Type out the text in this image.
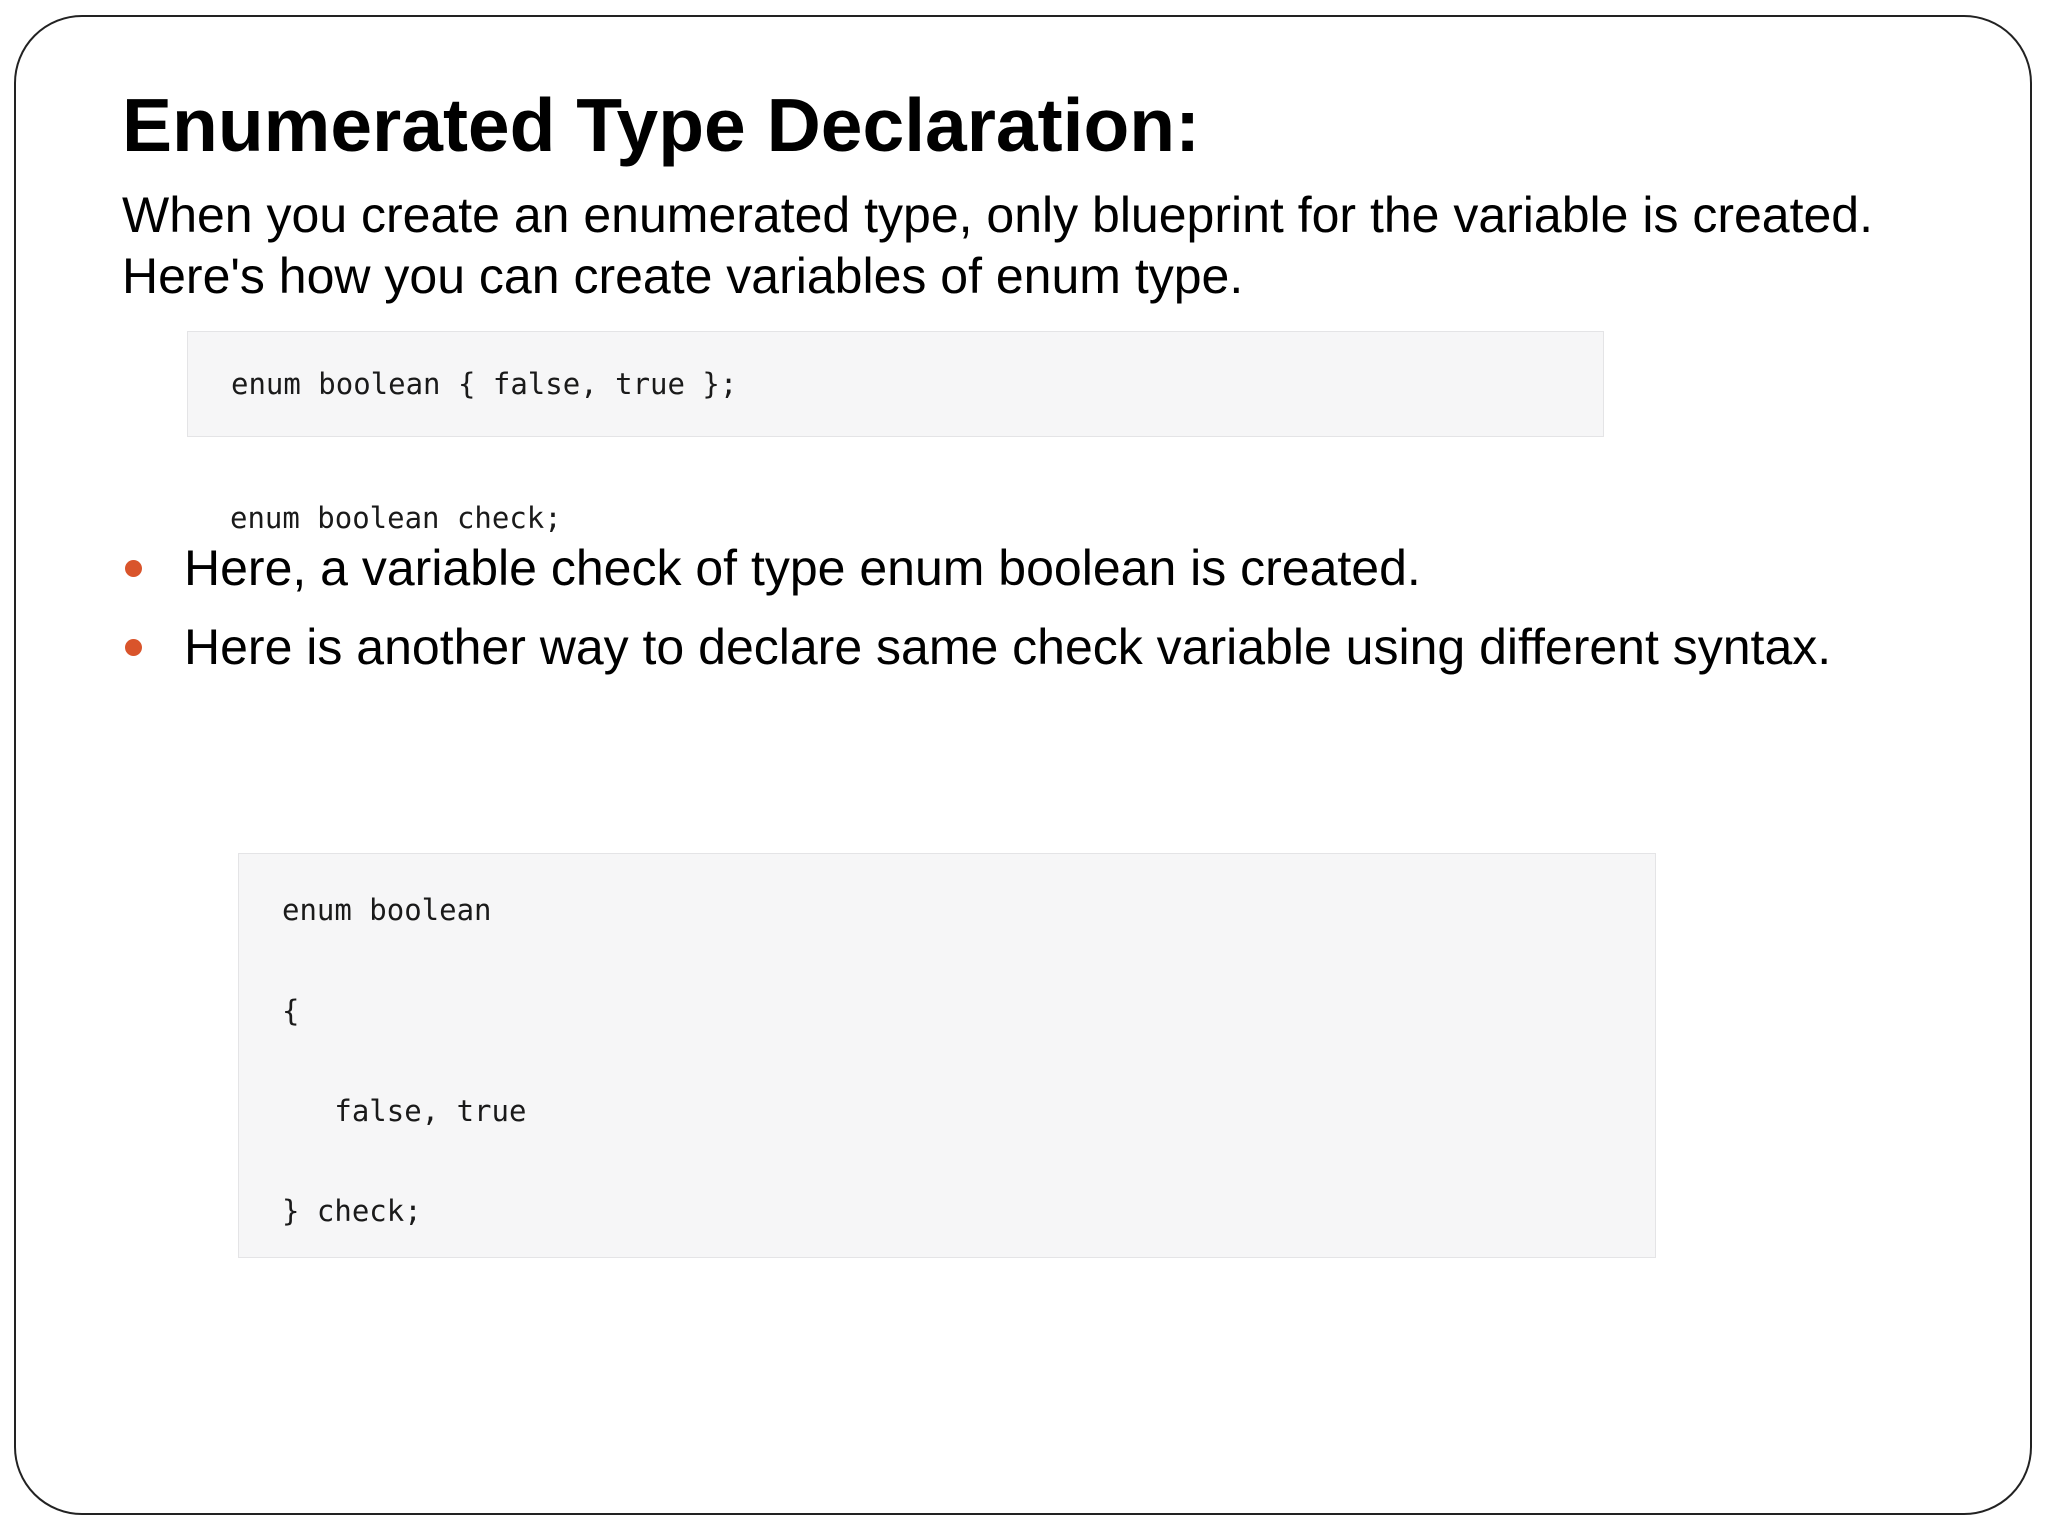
Enumerated Type Declaration:

When you create an enumerated type, only blueprint for the variable is created.
Here's how you can create variables of enum type.

enum boolean { false, true };
enum boolean check;
Here, a variable check of type enum boolean is created.
Here is another way to declare same check variable using different syntax.
enum boolean
{
false, true
} check;
